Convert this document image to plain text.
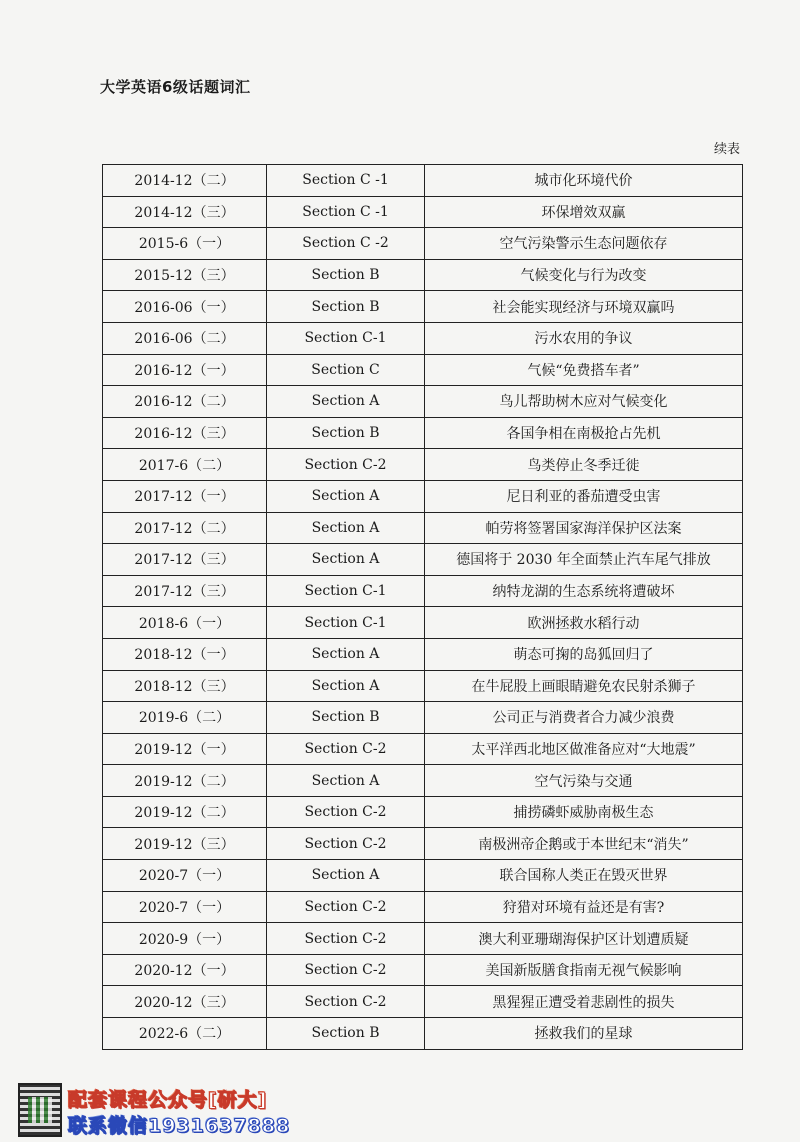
大学英语6级话题词汇
续表
2014-12（二）	Section C -1	城市化环境代价
2014-12（三）	Section C -1	环保增效双赢
2015-6（一）	Section C -2	空气污染警示生态问题依存
2015-12（三）	Section B	气候变化与行为改变
2016-06（一）	Section B	社会能实现经济与环境双赢吗
2016-06（二）	Section C-1	污水农用的争议
2016-12（一）	Section C	气候“免费搭车者”
2016-12（二）	Section A	鸟儿帮助树木应对气候变化
2016-12（三）	Section B	各国争相在南极抢占先机
2017-6（二）	Section C-2	鸟类停止冬季迁徙
2017-12（一）	Section A	尼日利亚的番茄遭受虫害
2017-12（二）	Section A	帕劳将签署国家海洋保护区法案
2017-12（三）	Section A	德国将于 2030 年全面禁止汽车尾气排放
2017-12（三）	Section C-1	纳特龙湖的生态系统将遭破坏
2018-6（一）	Section C-1	欧洲拯救水稻行动
2018-12（一）	Section A	萌态可掬的岛狐回归了
2018-12（三）	Section A	在牛屁股上画眼睛避免农民射杀狮子
2019-6（二）	Section B	公司正与消费者合力减少浪费
2019-12（一）	Section C-2	太平洋西北地区做准备应对“大地震”
2019-12（二）	Section A	空气污染与交通
2019-12（二）	Section C-2	捕捞磷虾威胁南极生态
2019-12（三）	Section C-2	南极洲帝企鹅或于本世纪末“消失”
2020-7（一）	Section A	联合国称人类正在毁灭世界
2020-7（一）	Section C-2	狩猎对环境有益还是有害?
2020-9（一）	Section C-2	澳大利亚珊瑚海保护区计划遭质疑
2020-12（一）	Section C-2	美国新版膳食指南无视气候影响
2020-12（三）	Section C-2	黑猩猩正遭受着悲剧性的损失
2022-6（二）	Section B	拯救我们的星球
配套课程公众号[研大]
联系微信1931637888
